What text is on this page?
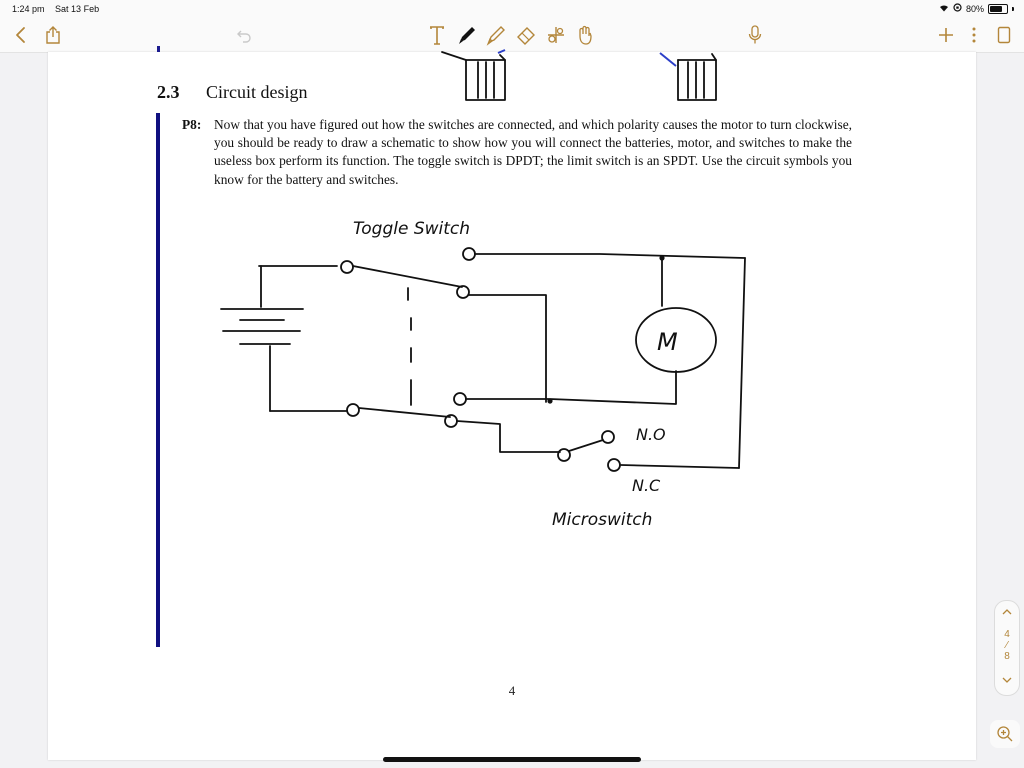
1:24 pm Sat 13 Feb	80%
2.3 Circuit design
P8: Now that you have figured out how the switches are connected, and which polarity causes the motor to turn clockwise, you should be ready to draw a schematic to show how you will connect the batteries, motor, and switches to make the useless box perform its function. The toggle switch is DPDT; the limit switch is an SPDT. Use the circuit symbols you know for the battery and switches.
Toggle Switch
M
N.O
N.C
Microswitch
4
4
⁄
8
